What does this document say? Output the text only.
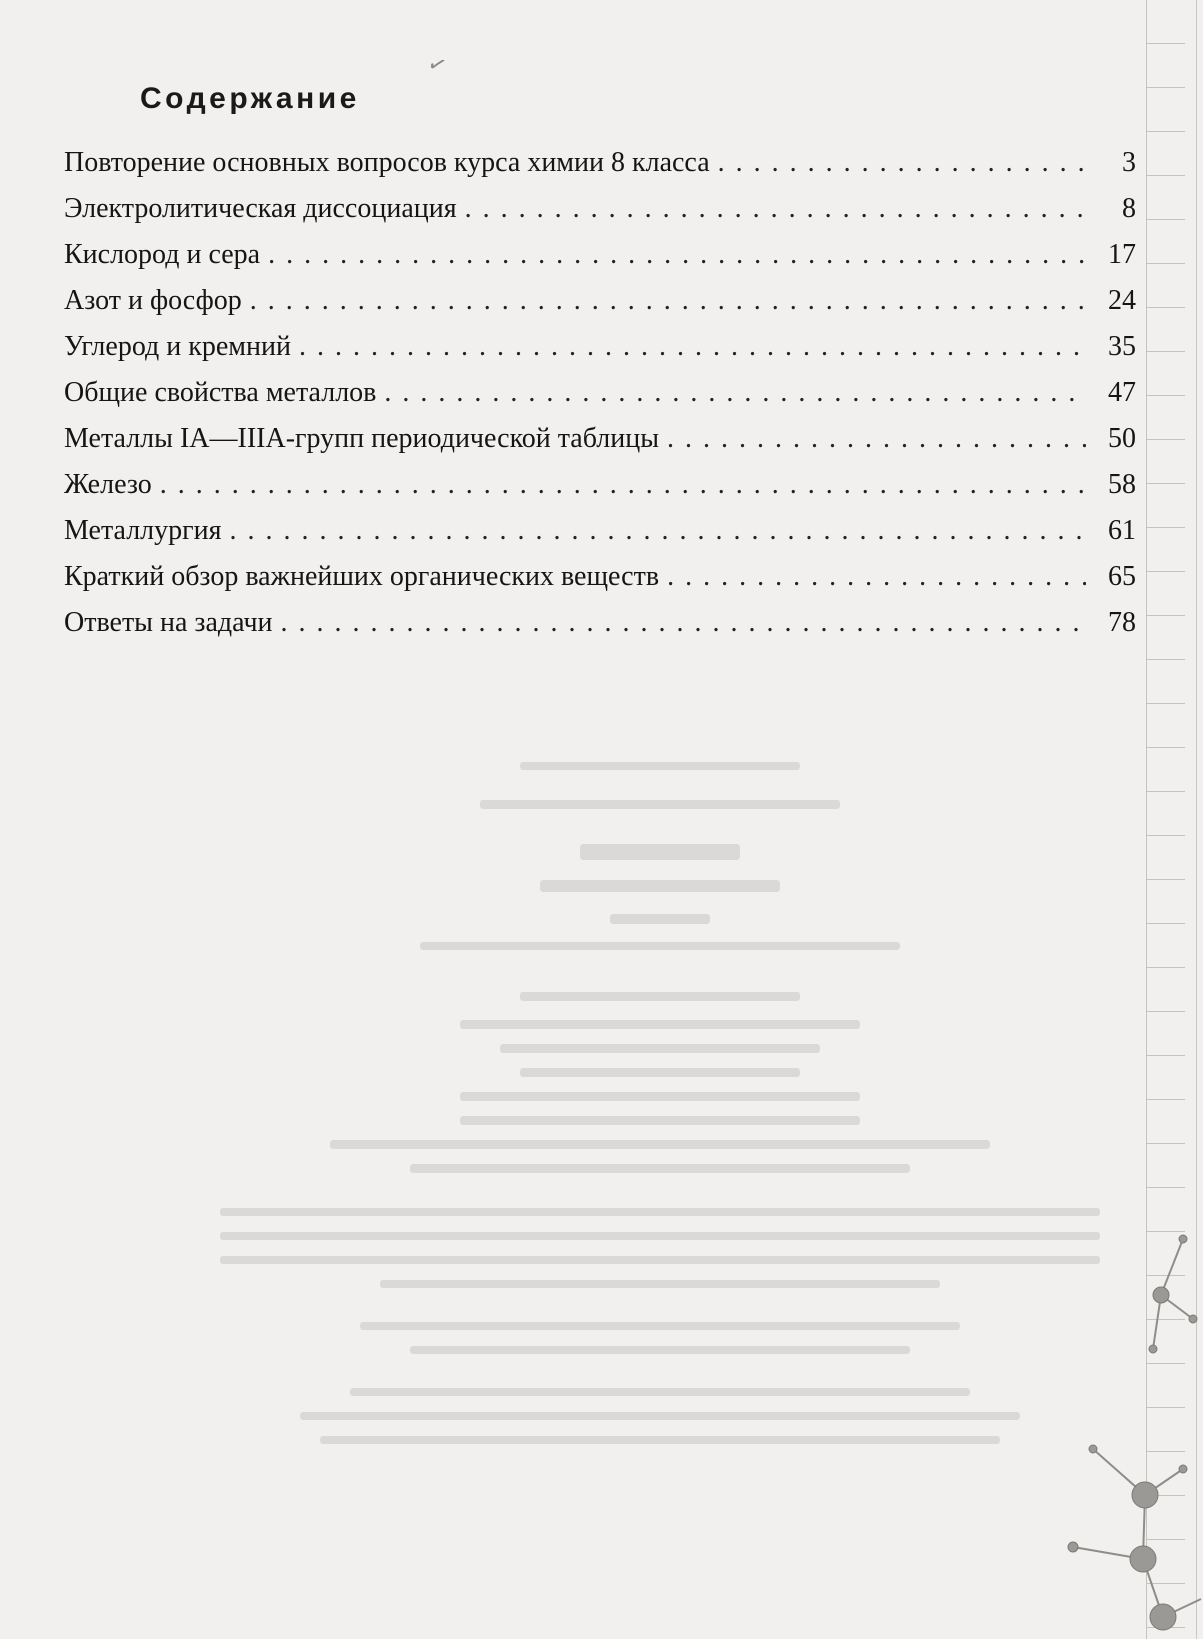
✓
Содержание
Повторение основных вопросов курса химии 8 класса . . .	3
Электролитическая диссоциация . . .	8
Кислород и сера . . .	17
Азот и фосфор . . .	24
Углерод и кремний . . .	35
Общие свойства металлов . . .	47
Металлы IA—IIIA-групп периодической таблицы . . .	50
Железо . . .	58
Металлургия . . .	61
Краткий обзор важнейших органических веществ . . .	65
Ответы на задачи . . .	78
